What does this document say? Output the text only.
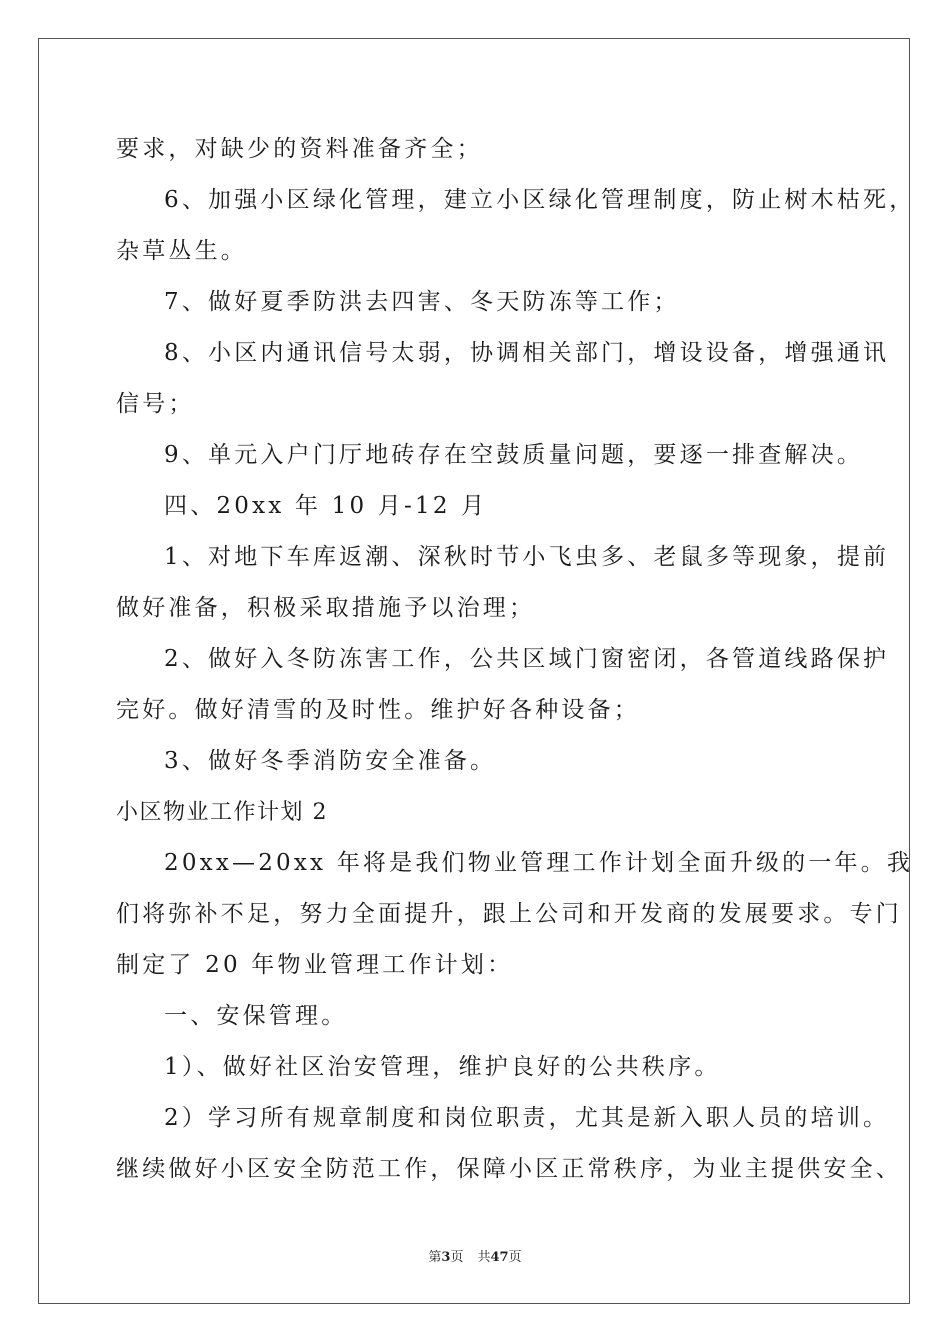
要求，对缺少的资料准备齐全；
6、加强小区绿化管理，建立小区绿化管理制度，防止树木枯死，
杂草丛生。
7、做好夏季防洪去四害、冬天防冻等工作；
8、小区内通讯信号太弱，协调相关部门，增设设备，增强通讯
信号；
9、单元入户门厅地砖存在空鼓质量问题，要逐一排查解决。
四、20xx 年 10 月-12 月
1、对地下车库返潮、深秋时节小飞虫多、老鼠多等现象，提前
做好准备，积极采取措施予以治理；
2、做好入冬防冻害工作，公共区域门窗密闭，各管道线路保护
完好。做好清雪的及时性。维护好各种设备；
3、做好冬季消防安全准备。
小区物业工作计划 2
20xx—20xx 年将是我们物业管理工作计划全面升级的一年。我
们将弥补不足，努力全面提升，跟上公司和开发商的发展要求。专门
制定了 20 年物业管理工作计划：
一、安保管理。
1）、做好社区治安管理，维护良好的公共秩序。
2）学习所有规章制度和岗位职责，尤其是新入职人员的培训。
继续做好小区安全防范工作，保障小区正常秩序，为业主提供安全、
第3页 共47页
